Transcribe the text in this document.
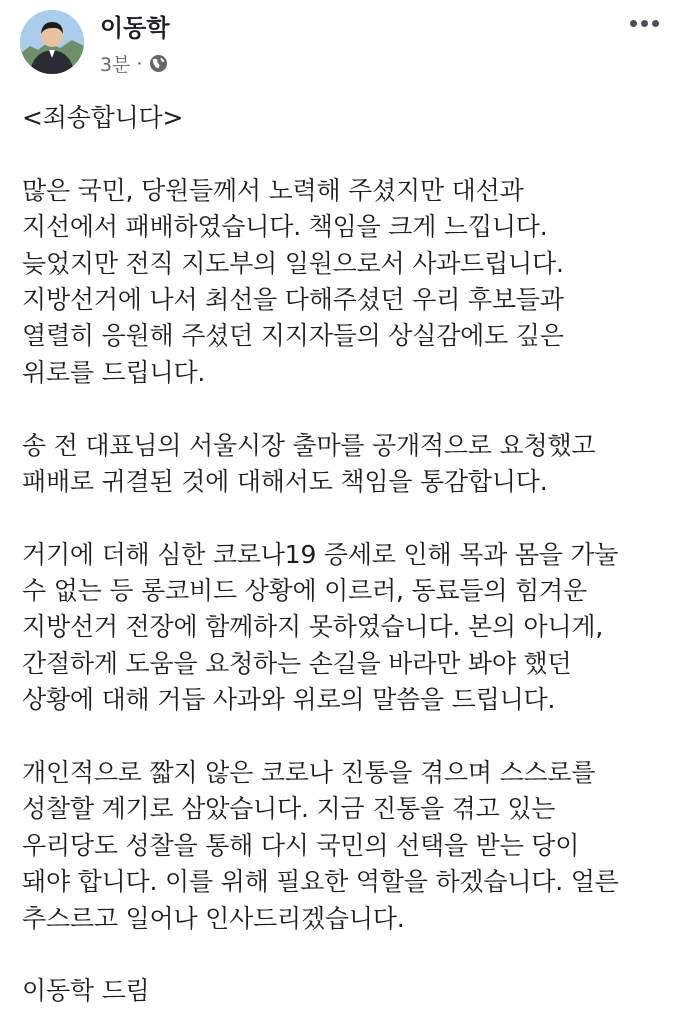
이동학
3분 ·
<죄송합니다>
많은 국민, 당원들께서 노력해 주셨지만 대선과
지선에서 패배하였습니다. 책임을 크게 느낍니다.
늦었지만 전직 지도부의 일원으로서 사과드립니다.
지방선거에 나서 최선을 다해주셨던 우리 후보들과
열렬히 응원해 주셨던 지지자들의 상실감에도 깊은
위로를 드립니다.
송 전 대표님의 서울시장 출마를 공개적으로 요청했고
패배로 귀결된 것에 대해서도 책임을 통감합니다.
거기에 더해 심한 코로나19 증세로 인해 목과 몸을 가눌
수 없는 등 롱코비드 상황에 이르러, 동료들의 힘겨운
지방선거 전장에 함께하지 못하였습니다. 본의 아니게,
간절하게 도움을 요청하는 손길을 바라만 봐야 했던
상황에 대해 거듭 사과와 위로의 말씀을 드립니다.
개인적으로 짧지 않은 코로나 진통을 겪으며 스스로를
성찰할 계기로 삼았습니다. 지금 진통을 겪고 있는
우리당도 성찰을 통해 다시 국민의 선택을 받는 당이
돼야 합니다. 이를 위해 필요한 역할을 하겠습니다. 얼른
추스르고 일어나 인사드리겠습니다.
이동학 드림
